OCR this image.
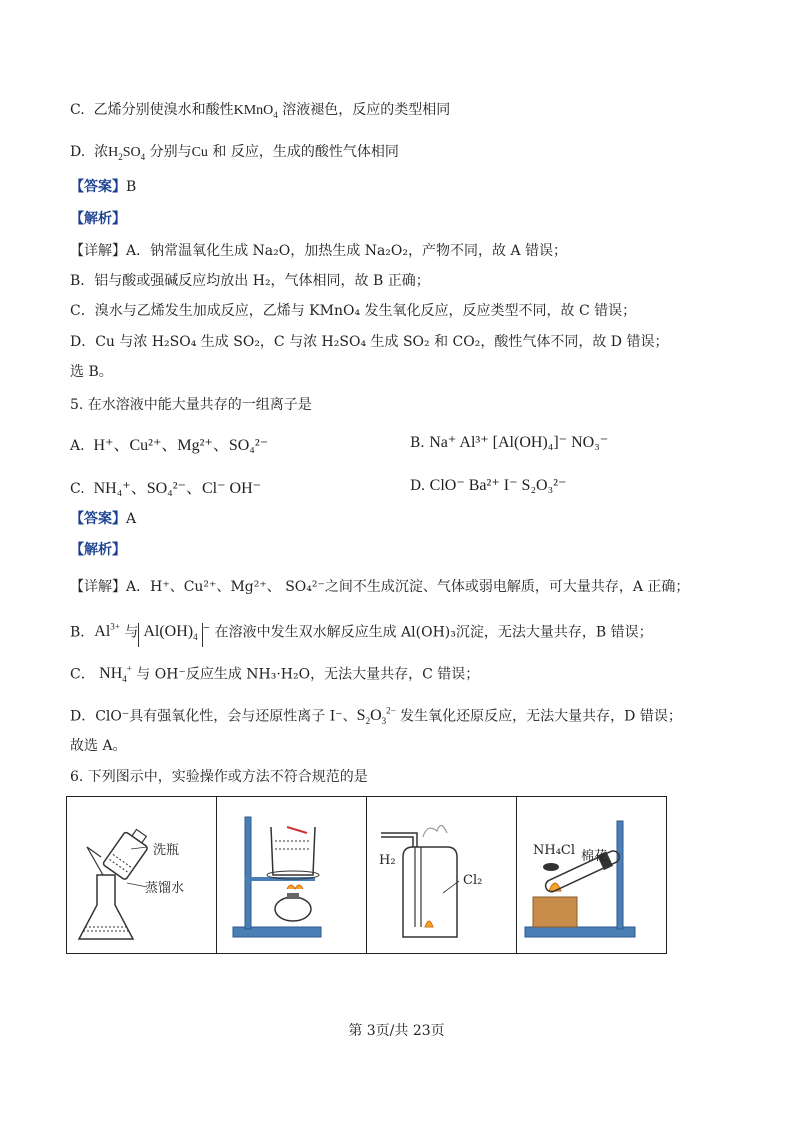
C. 乙烯分别使溴水和酸性KMnO$_4$ 溶液褪色，反应的类型相同
D. 浓$H_2SO_4$ 分别与Cu 和 反应，生成的酸性气体相同
【答案】B
【解析】
【详解】A．钠常温氧化生成 Na₂O，加热生成 Na₂O₂，产物不同，故 A 错误；
B．铝与酸或强碱反应均放出 H₂，气体相同，故 B 正确；
C．溴水与乙烯发生加成反应，乙烯与 KMnO₄ 发生氧化反应，反应类型不同，故 C 错误；
D．Cu 与浓 H₂SO₄ 生成 SO₂，C 与浓 H₂SO₄ 生成 SO₂ 和 CO₂，酸性气体不同，故 D 错误；
选 B。
5. 在水溶液中能大量共存的一组离子是
A. H⁺、Cu²⁺、Mg²⁺、SO₄²⁻	B. Na⁺ Al³⁺ [Al(OH)₄]⁻ NO₃⁻
C. NH₄⁺、SO₄²⁻、Cl⁻ OH⁻	D. ClO⁻ Ba²⁺ I⁻ S₂O₃²⁻
【答案】A
【解析】
【详解】A．H⁺、Cu²⁺、Mg²⁺、 SO₄²⁻之间不生成沉淀、气体或弱电解质，可大量共存，A 正确；
B．$Al^{3+}$ 与 $Al(OH)_4^-$ 在溶液中发生双水解反应生成 Al(OH)₃沉淀，无法大量共存，B 错误；
C． $NH_4^+$ 与 OH⁻反应生成 NH₃·H₂O，无法大量共存，C 错误；
D．ClO⁻具有强氧化性，会与还原性离子 I⁻、$S_2O_3^{2-}$ 发生氧化还原反应，无法大量共存，D 错误；
故选 A。
6. 下列图示中，实验操作或方法不符合规范的是
洗瓶
蒸馏水
H₂
Cl₂
NH₄Cl 棉花
第 3页/共 23页
